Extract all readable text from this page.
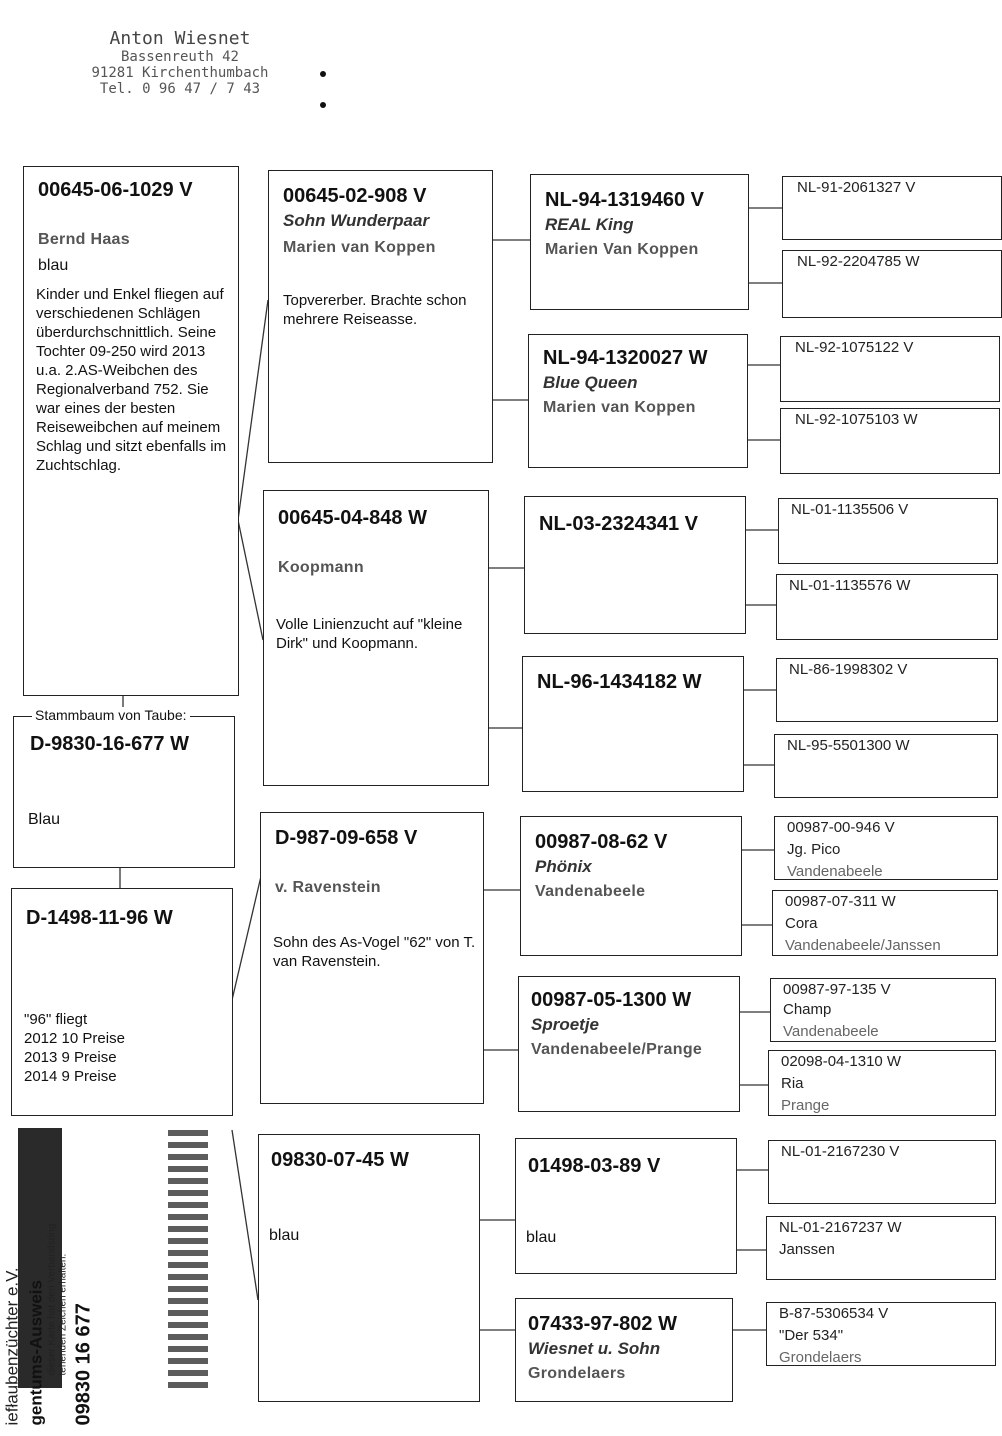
Anton Wiesnet
Bassenreuth 42
91281 Kirchenthumbach
Tel. 0 96 47 / 7 43
00645-06-1029 V
Bernd Haas
blau
Kinder und Enkel fliegen auf verschiedenen Schlägen überdurchschnittlich. Seine Tochter 09-250 wird 2013 u.a. 2.AS-Weibchen des Regionalverband 752. Sie war eines der besten Reiseweibchen auf meinem Schlag und sitzt ebenfalls im Zuchtschlag.
Stammbaum von Taube:
D-9830-16-677 W
Blau
D-1498-11-96 W
"96" fliegt
2012 10 Preise
2013 9 Preise
2014 9 Preise
iefłaubenzüchter e.V. gentums-Ausweis dieser Karte hat den Verbandsring tehenden Zeichen erhalten: 09830 16 677
00645-02-908 V
Sohn Wunderpaar
Marien van Koppen
Topvererber. Brachte schon mehrere Reiseasse.
00645-04-848 W
Koopmann
Volle Linienzucht auf "kleine Dirk" und Koopmann.
D-987-09-658 V
v. Ravenstein
Sohn des As-Vogel "62" von T. van Ravenstein.
09830-07-45 W
blau
NL-94-1319460 V
REAL King
Marien Van Koppen
NL-94-1320027 W
Blue Queen
Marien van Koppen
NL-03-2324341 V
NL-96-1434182 W
00987-08-62 V
Phönix
Vandenabeele
00987-05-1300 W
Sproetje
Vandenabeele/Prange
01498-03-89 V
blau
07433-97-802 W
Wiesnet u. Sohn
Grondelaers
NL-91-2061327 V
NL-92-2204785 W
NL-92-1075122 V
NL-92-1075103 W
NL-01-1135506 V
NL-01-1135576 W
NL-86-1998302 V
NL-95-5501300 W
00987-00-946 V
Jg. Pico
Vandenabeele
00987-07-311 W
Cora
Vandenabeele/Janssen
00987-97-135 V
Champ
Vandenabeele
02098-04-1310 W
Ria
Prange
NL-01-2167230 V
NL-01-2167237 W
Janssen
B-87-5306534 V
"Der 534"
Grondelaers
